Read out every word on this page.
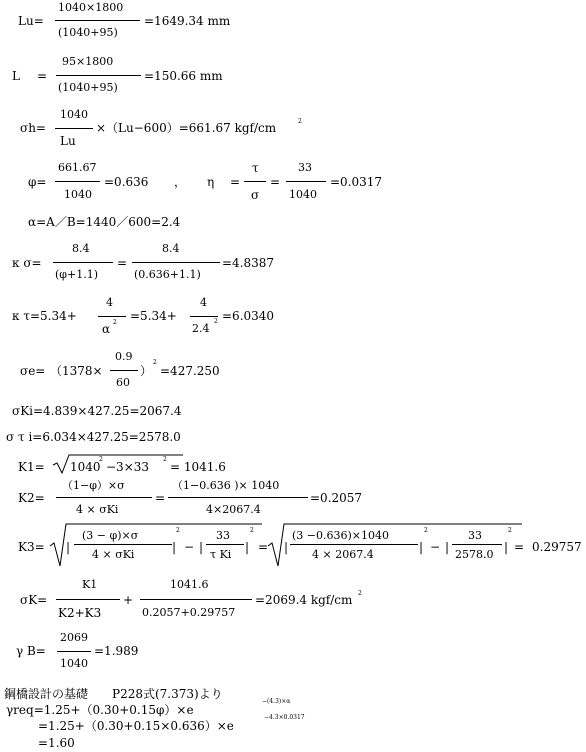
Lu=
1040×1800
(1040+95)
=1649.34 mm
L =
95×1800
(1040+95)
=150.66 mm
σh=
1040
Lu
×（Lu−600）=661.67 kgf/cm	2
φ=
661.67
1040
=0.636 ， η =
τ
σ
=
33
1040
=0.0317
α=A／B=1440／600=2.4
κ σ=
8.4
(φ+1.1)
=
8.4
(0.636+1.1)
=4.8387
κ τ=5.34+
4
α 2 =5.34+
4
2.4
2 =6.0340
σe= （1378×
0.9
60
）
2
=427.250
σKi=4.839×427.25=2067.4
σ τ i=6.034×427.25=2578.0
K1= 1040
2
−3×33
2
= 1041.6
K2=
（1−φ）×σ
4 × σKi
=
（1−0.636 )× 1040
4×2067.4
=0.2057
K3= |
(3 − φ)×σ
4 × σKi
|
2
− |
33
τ Ki
|
2
= |
(3 −0.636)×1040
4 × 2067.4
|
2
− |
33
2578.0
|
2
= 0.29757
σK=
K1
K2+K3
+
1041.6
0.2057+0.29757
=2069.4 kgf/cm 2
γ B=
2069
1040
=1.989
鋼橋設計の基礎 P228式(7.373)より
γreq=1.25+（0.30+0.15φ）×e
−(4.3)×α
=1.25+（0.30+0.15×0.636）×e
−4.3×0.0317
=1.60
